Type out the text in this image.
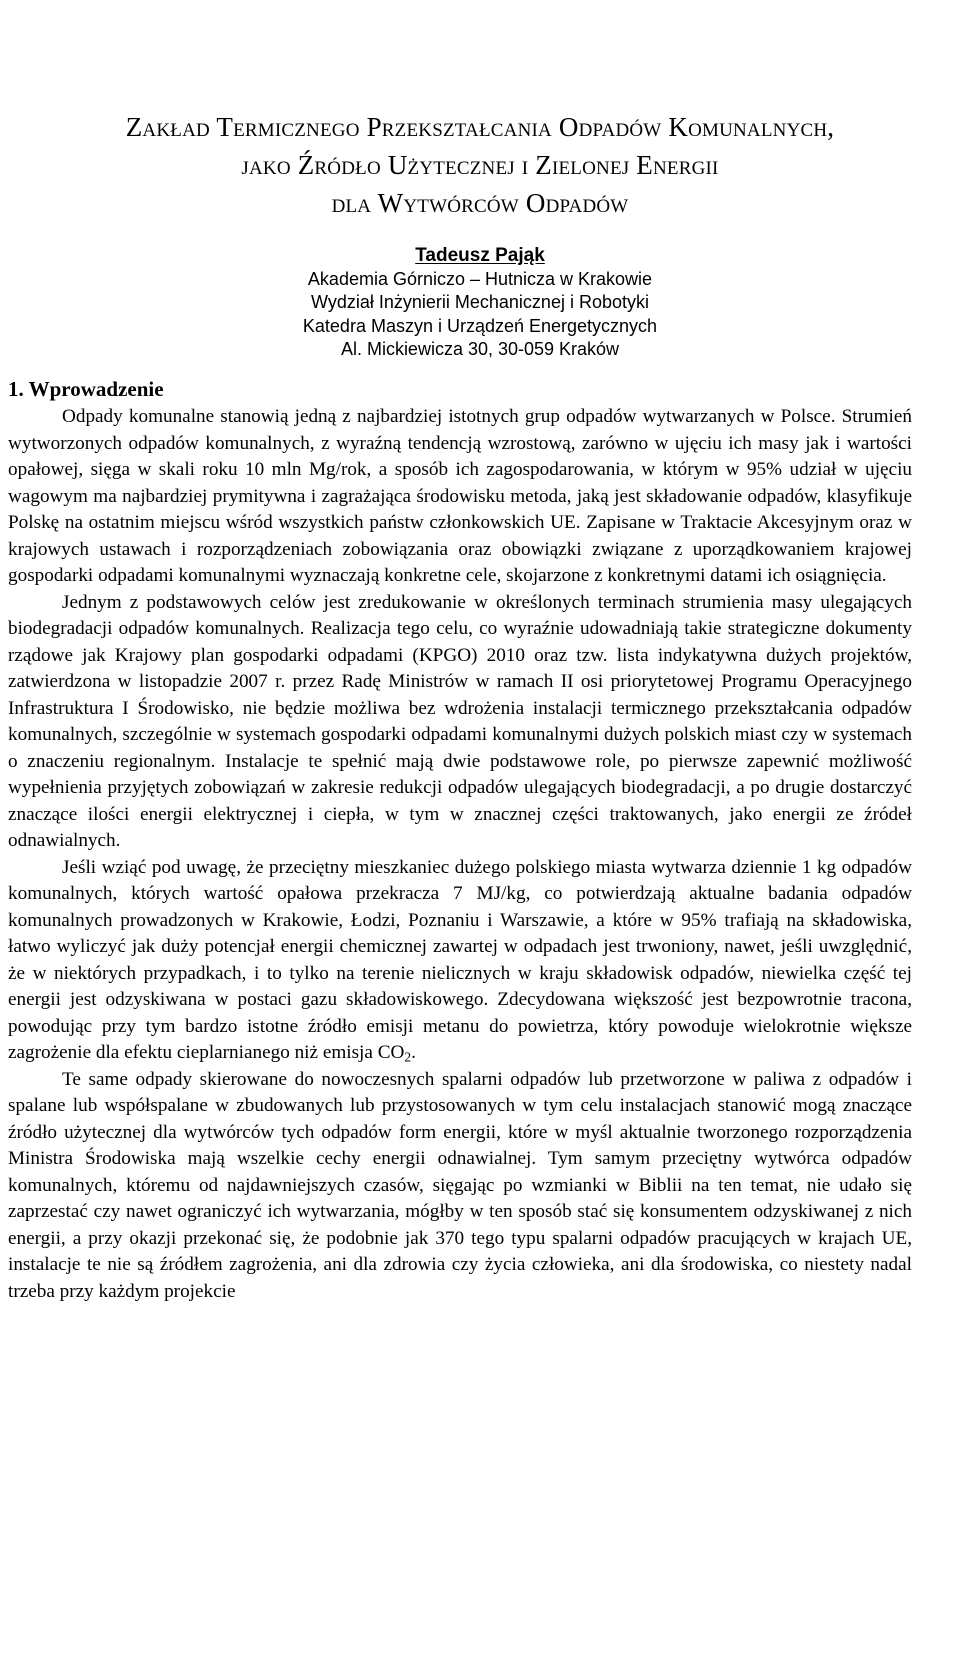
Zakład Termicznego Przekształcania Odpadów Komunalnych,
jako Źródło Użytecznej i Zielonej Energii
dla Wytwórców Odpadów
Tadeusz Pająk
Akademia Górniczo – Hutnicza w Krakowie
Wydział Inżynierii Mechanicznej i Robotyki
Katedra Maszyn i Urządzeń Energetycznych
Al. Mickiewicza 30, 30-059 Kraków
1. Wprowadzenie

Odpady komunalne stanowią jedną z najbardziej istotnych grup odpadów wytwarzanych w Polsce. Strumień wytworzonych odpadów komunalnych, z wyraźną tendencją wzrostową, zarówno w ujęciu ich masy jak i wartości opałowej, sięga w skali roku 10 mln Mg/rok, a sposób ich zagospodarowania, w którym w 95% udział w ujęciu wagowym ma najbardziej prymitywna i zagrażająca środowisku metoda, jaką jest składowanie odpadów, klasyfikuje Polskę na ostatnim miejscu wśród wszystkich państw członkowskich UE. Zapisane w Traktacie Akcesyjnym oraz w krajowych ustawach i rozporządzeniach zobowiązania oraz obowiązki związane z uporządkowaniem krajowej gospodarki odpadami komunalnymi wyznaczają konkretne cele, skojarzone z konkretnymi datami ich osiągnięcia.

Jednym z podstawowych celów jest zredukowanie w określonych terminach strumienia masy ulegających biodegradacji odpadów komunalnych. Realizacja tego celu, co wyraźnie udowadniają takie strategiczne dokumenty rządowe jak Krajowy plan gospodarki odpadami (KPGO) 2010 oraz tzw. lista indykatywna dużych projektów, zatwierdzona w listopadzie 2007 r. przez Radę Ministrów w ramach II osi priorytetowej Programu Operacyjnego Infrastruktura I Środowisko, nie będzie możliwa bez wdrożenia instalacji termicznego przekształcania odpadów komunalnych, szczególnie w systemach gospodarki odpadami komunalnymi dużych polskich miast czy w systemach o znaczeniu regionalnym. Instalacje te spełnić mają dwie podstawowe role, po pierwsze zapewnić możliwość wypełnienia przyjętych zobowiązań w zakresie redukcji odpadów ulegających biodegradacji, a po drugie dostarczyć znaczące ilości energii elektrycznej i ciepła, w tym w znacznej części traktowanych, jako energii ze źródeł odnawialnych.

Jeśli wziąć pod uwagę, że przeciętny mieszkaniec dużego polskiego miasta wytwarza dziennie 1 kg odpadów komunalnych, których wartość opałowa przekracza 7 MJ/kg, co potwierdzają aktualne badania odpadów komunalnych prowadzonych w Krakowie, Łodzi, Poznaniu i Warszawie, a które w 95% trafiają na składowiska, łatwo wyliczyć jak duży potencjał energii chemicznej zawartej w odpadach jest trwoniony, nawet, jeśli uwzględnić, że w niektórych przypadkach, i to tylko na terenie nielicznych w kraju składowisk odpadów, niewielka część tej energii jest odzyskiwana w postaci gazu składowiskowego. Zdecydowana większość jest bezpowrotnie tracona, powodując przy tym bardzo istotne źródło emisji metanu do powietrza, który powoduje wielokrotnie większe zagrożenie dla efektu cieplarnianego niż emisja $CO_2$.

Te same odpady skierowane do nowoczesnych spalarni odpadów lub przetworzone w paliwa z odpadów i spalane lub współspalane w zbudowanych lub przystosowanych w tym celu instalacjach stanowić mogą znaczące źródło użytecznej dla wytwórców tych odpadów form energii, które w myśl aktualnie tworzonego rozporządzenia Ministra Środowiska mają wszelkie cechy energii odnawialnej. Tym samym przeciętny wytwórca odpadów komunalnych, któremu od najdawniejszych czasów, sięgając po wzmianki w Biblii na ten temat, nie udało się zaprzestać czy nawet ograniczyć ich wytwarzania, mógłby w ten sposób stać się konsumentem odzyskiwanej z nich energii, a przy okazji przekonać się, że podobnie jak 370 tego typu spalarni odpadów pracujących w krajach UE, instalacje te nie są źródłem zagrożenia, ani dla zdrowia czy życia człowieka, ani dla środowiska, co niestety nadal trzeba przy każdym projekcie
